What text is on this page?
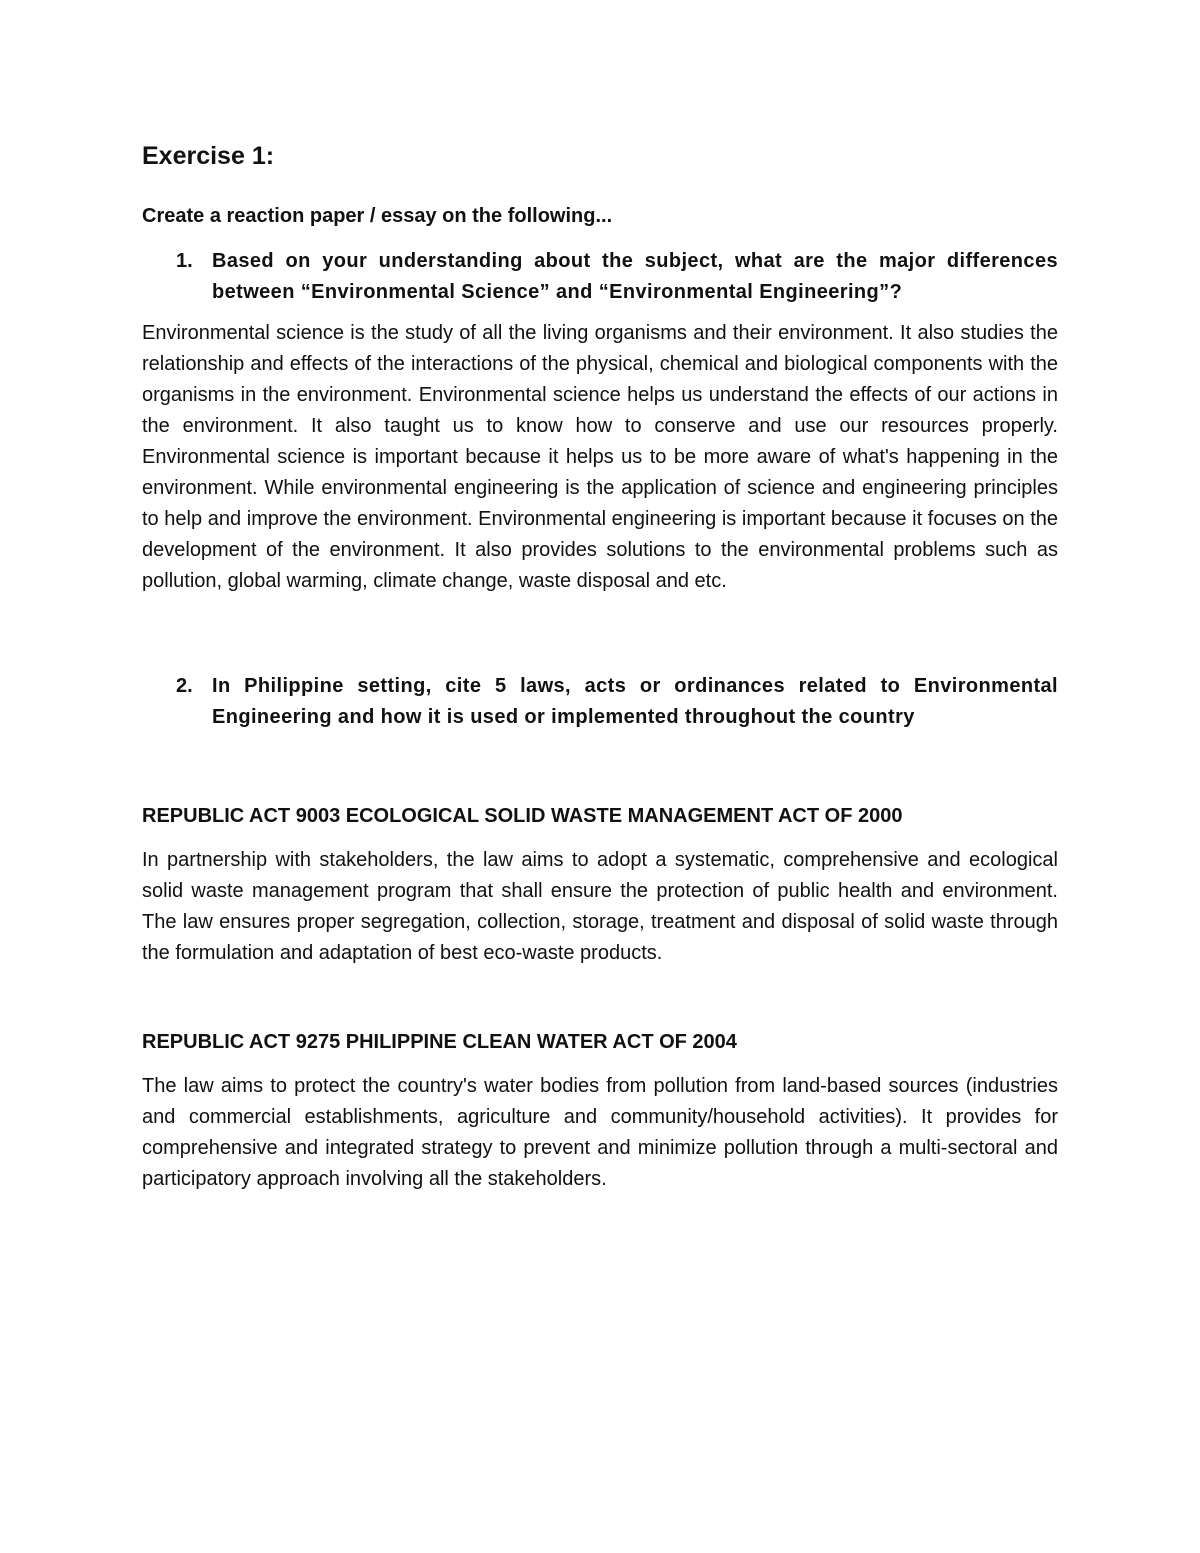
Exercise 1:

Create a reaction paper / essay on the following...

1. Based on your understanding about the subject, what are the major differences between “Environmental Science” and “Environmental Engineering”?

Environmental science is the study of all the living organisms and their environment. It also studies the relationship and effects of the interactions of the physical, chemical and biological components with the organisms in the environment. Environmental science helps us understand the effects of our actions in the environment. It also taught us to know how to conserve and use our resources properly. Environmental science is important because it helps us to be more aware of what's happening in the environment. While environmental engineering is the application of science and engineering principles to help and improve the environment. Environmental engineering is important because it focuses on the development of the environment. It also provides solutions to the environmental problems such as pollution, global warming, climate change, waste disposal and etc.

2. In Philippine setting, cite 5 laws, acts or ordinances related to Environmental Engineering and how it is used or implemented throughout the country
REPUBLIC ACT 9003 ECOLOGICAL SOLID WASTE MANAGEMENT ACT OF 2000

In partnership with stakeholders, the law aims to adopt a systematic, comprehensive and ecological solid waste management program that shall ensure the protection of public health and environment. The law ensures proper segregation, collection, storage, treatment and disposal of solid waste through the formulation and adaptation of best eco-waste products.

REPUBLIC ACT 9275 PHILIPPINE CLEAN WATER ACT OF 2004

The law aims to protect the country's water bodies from pollution from land-based sources (industries and commercial establishments, agriculture and community/household activities). It provides for comprehensive and integrated strategy to prevent and minimize pollution through a multi-sectoral and participatory approach involving all the stakeholders.
